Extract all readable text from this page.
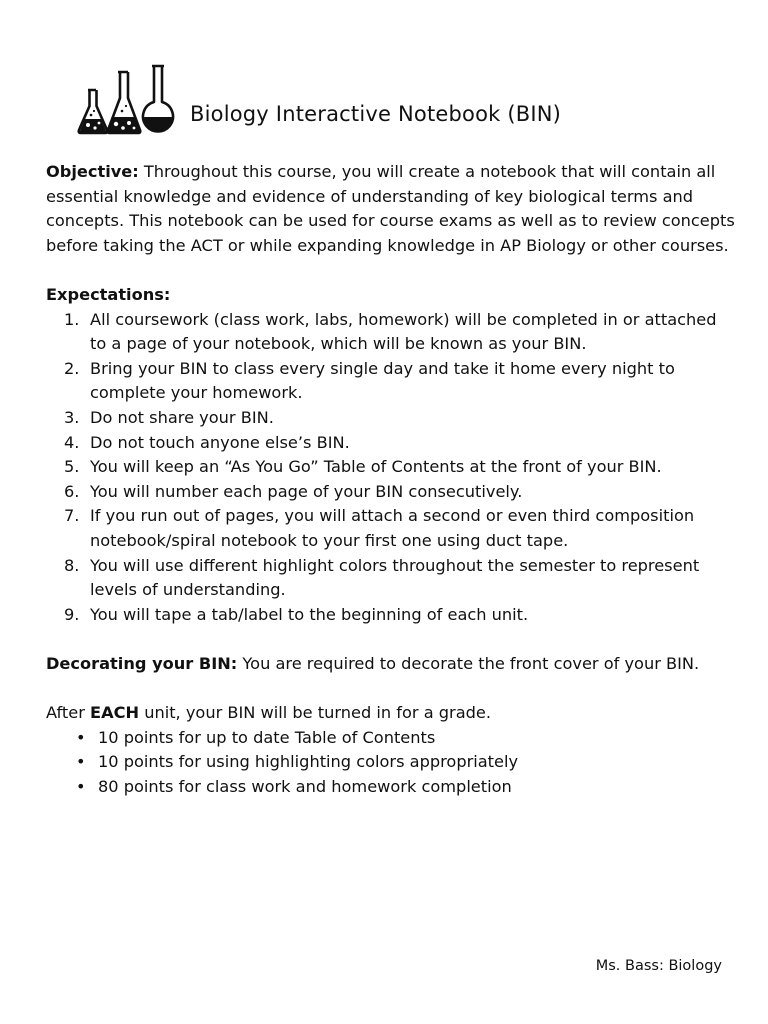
Biology Interactive Notebook (BIN)

Objective: Throughout this course, you will create a notebook that will contain all essential knowledge and evidence of understanding of key biological terms and concepts. This notebook can be used for course exams as well as to review concepts before taking the ACT or while expanding knowledge in AP Biology or other courses.

Expectations:
1. All coursework (class work, labs, homework) will be completed in or attached to a page of your notebook, which will be known as your BIN.
2. Bring your BIN to class every single day and take it home every night to complete your homework.
3. Do not share your BIN.
4. Do not touch anyone else’s BIN.
5. You will keep an “As You Go” Table of Contents at the front of your BIN.
6. You will number each page of your BIN consecutively.
7. If you run out of pages, you will attach a second or even third composition notebook/spiral notebook to your first one using duct tape.
8. You will use different highlight colors throughout the semester to represent levels of understanding.
9. You will tape a tab/label to the beginning of each unit.

Decorating your BIN: You are required to decorate the front cover of your BIN.

After EACH unit, your BIN will be turned in for a grade.

• 10 points for up to date Table of Contents
• 10 points for using highlighting colors appropriately
• 80 points for class work and homework completion
Ms. Bass: Biology
